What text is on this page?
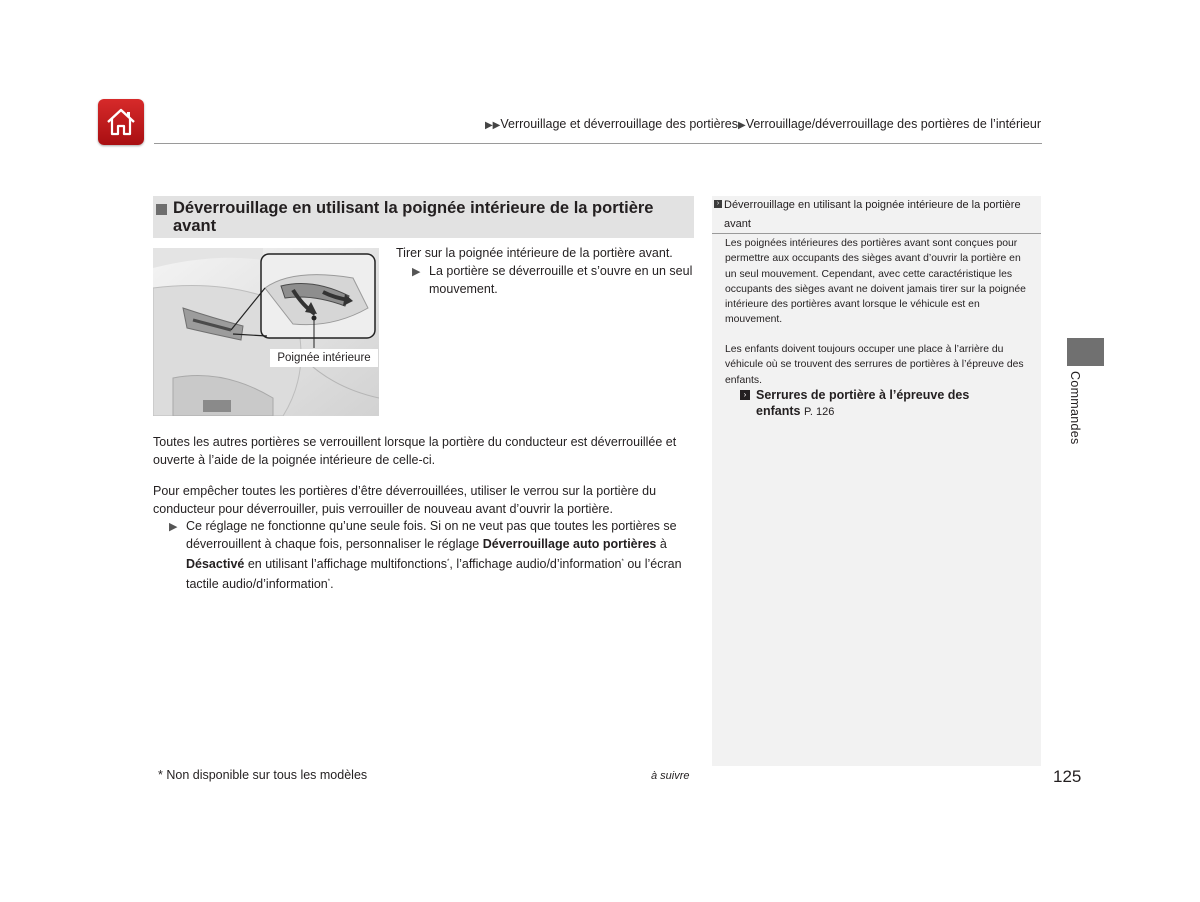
▶▶Verrouillage et déverrouillage des portières▶Verrouillage/déverrouillage des portières de l’intérieur
Déverrouillage en utilisant la poignée intérieure de la portière avant
Poignée intérieure
Tirer sur la poignée intérieure de la portière avant.
▶ La portière se déverrouille et s’ouvre en un seul mouvement.
Toutes les autres portières se verrouillent lorsque la portière du conducteur est déverrouillée et ouverte à l’aide de la poignée intérieure de celle-ci.
Pour empêcher toutes les portières d’être déverrouillées, utiliser le verrou sur la portière du conducteur pour déverrouiller, puis verrouiller de nouveau avant d’ouvrir la portière.
▶ Ce réglage ne fonctionne qu’une seule fois. Si on ne veut pas que toutes les portières se déverrouillent à chaque fois, personnaliser le réglage Déverrouillage auto portières à Désactivé en utilisant l’affichage multifonctions*, l’affichage audio/d’information* ou l’écran tactile audio/d’information*.
› Déverrouillage en utilisant la poignée intérieure de la portière avant
Les poignées intérieures des portières avant sont conçues pour permettre aux occupants des sièges avant d’ouvrir la portière en un seul mouvement. Cependant, avec cette caractéristique les occupants des sièges avant ne doivent jamais tirer sur la poignée intérieure des portières avant lorsque le véhicule est en mouvement.
Les enfants doivent toujours occuper une place à l’arrière du véhicule où se trouvent des serrures de portières à l’épreuve des enfants.
› Serrures de portière à l’épreuve des enfants P. 126	Commandes
* Non disponible sur tous les modèles	à suivre	125
